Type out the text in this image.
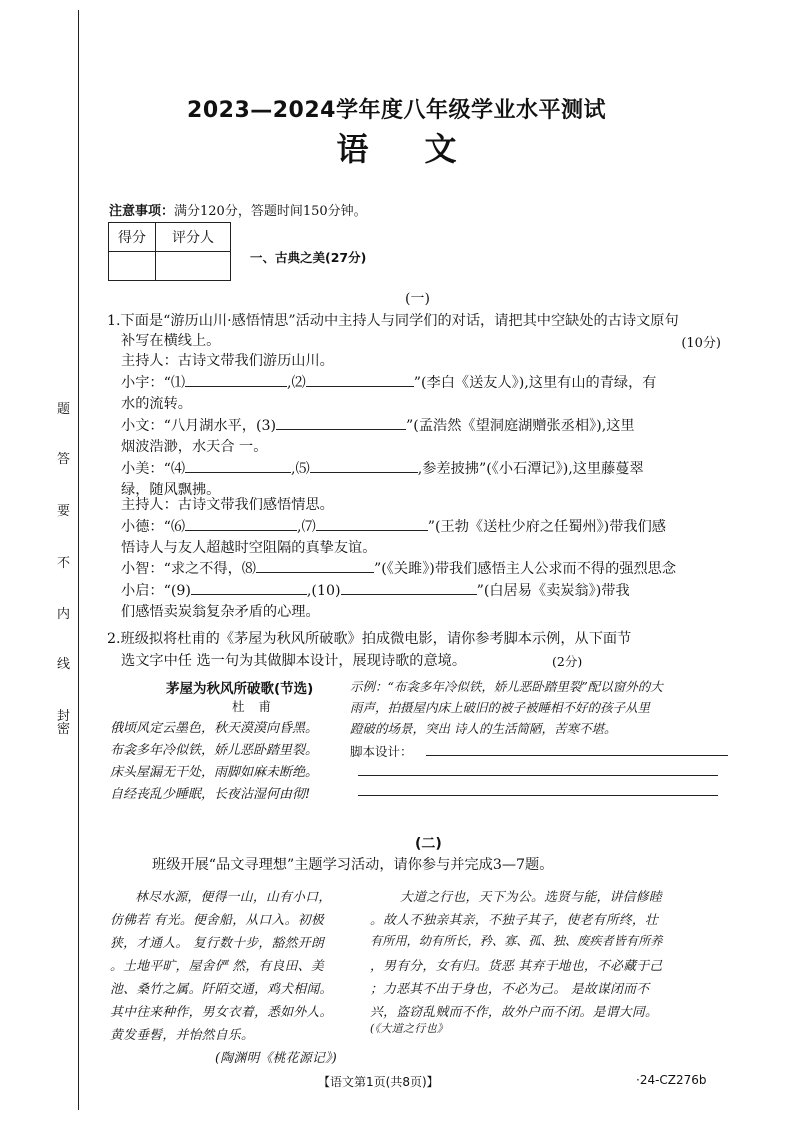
题
答
要
不
内
线
封
密
2023—2024学年度八年级学业水平测试
语文
注意事项：满分120分，答题时间150分钟。
得分	评分人

一、古典之美(27分)
(一)
1.下面是“游历山川·感悟情思”活动中主持人与同学们的对话，请把其中空缺处的古诗文原句
补写在横线上。	(10分)
主持人：古诗文带我们游历山川。
小宇：“⑴	,⑵	”(李白《送友人》),这里有山的青绿，有
水的流转。
小文：“八月湖水平，(3)	”(孟浩然《望洞庭湖赠张丞相》),这里
烟波浩渺，水天合 一。
小美：“⑷	,⑸	,参差披拂”(《小石潭记》),这里藤蔓翠
绿，随风飘拂。
主持人：古诗文带我们感悟情思。
小德：“⑹	,⑺	”(王勃《送杜少府之任蜀州》)带我们感
悟诗人与友人超越时空阻隔的真挚友谊。
小智：“求之不得，⑻	”(《关雎》)带我们感悟主人公求而不得的强烈思念
小启：“(9)	,(10)	”(白居易《卖炭翁》)带我
们感悟卖炭翁复杂矛盾的心理。
2.班级拟将杜甫的《茅屋为秋风所破歌》拍成微电影，请你参考脚本示例，从下面节
选文字中任 选一句为其做脚本设计，展现诗歌的意境。	(2分)
茅屋为秋风所破歌(节选)
杜甫
俄顷风定云墨色，秋天漠漠向昏黑。
布衾多年冷似铁，娇儿恶卧踏里裂。
床头屋漏无干处，雨脚如麻未断绝。
自经丧乱少睡眠，长夜沾湿何由彻!
示例：“布衾多年冷似铁，娇儿恶卧踏里裂”配以窗外的大
雨声，拍摄屋内床上破旧的被子被睡相不好的孩子从里
蹬破的场景，突出 诗人的生活简陋，苦寒不堪。
脚本设计：
(二)
班级开展“品文寻理想”主题学习活动，请你参与并完成3—7题。
林尽水源，便得一山，山有小口，
仿佛若 有光。便舍船，从口入。初极
狭，才通人。 复行数十步，豁然开朗
。土地平旷，屋舍俨 然，有良田、美
池、桑竹之属。阡陌交通，鸡犬相闻。
其中往来种作，男女衣着，悉如外人。
黄发垂髫，并怡然自乐。
(陶渊明《桃花源记》)
大道之行也，天下为公。选贤与能，讲信修睦
。故人不独亲其亲，不独子其子，使老有所终，壮
有所用，幼有所长，矜、寡、孤、独、废疾者皆有所养
，男有分，女有归。货恶 其弃于地也，不必藏于己
；力恶其不出于身也，不必为己。 是故谋闭而不
兴，盗窃乱贼而不作，故外户而不闭。是谓大同。
(《大道之行也》
【语文第1页(共8页)】	·24-CZ276b
